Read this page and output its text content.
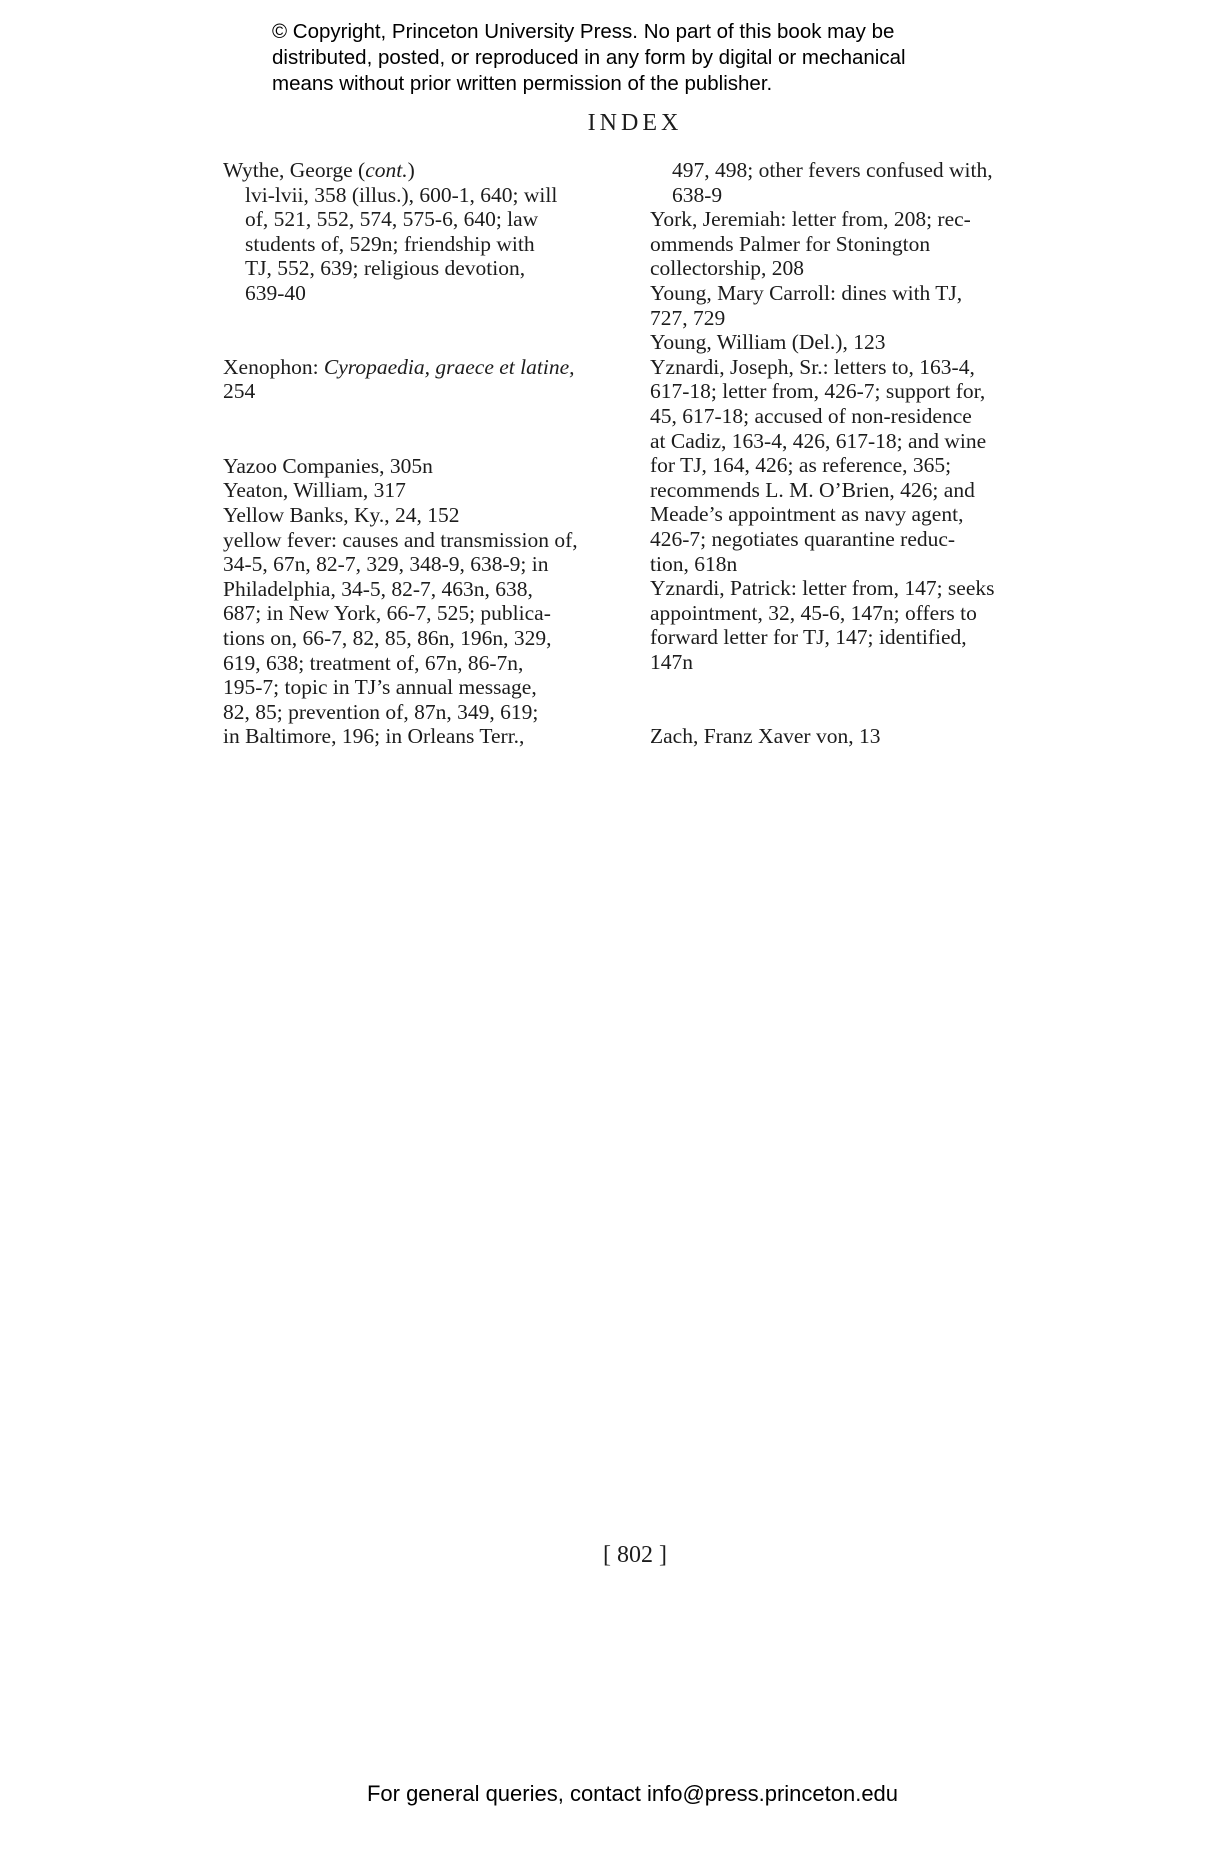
© Copyright, Princeton University Press. No part of this book may be
distributed, posted, or reproduced in any form by digital or mechanical
means without prior written permission of the publisher.
INDEX
Wythe, George (cont.)
lvi-lvii, 358 (illus.), 600-1, 640; will
of, 521, 552, 574, 575-6, 640; law
students of, 529n; friendship with
TJ, 552, 639; religious devotion,
639-40
Xenophon: Cyropaedia, graece et latine,
254
Yazoo Companies, 305n
Yeaton, William, 317
Yellow Banks, Ky., 24, 152
yellow fever: causes and transmission of,
34-5, 67n, 82-7, 329, 348-9, 638-9; in
Philadelphia, 34-5, 82-7, 463n, 638,
687; in New York, 66-7, 525; publica-
tions on, 66-7, 82, 85, 86n, 196n, 329,
619, 638; treatment of, 67n, 86-7n,
195-7; topic in TJ’s annual message,
82, 85; prevention of, 87n, 349, 619;
in Baltimore, 196; in Orleans Terr.,
497, 498; other fevers confused with,
638-9
York, Jeremiah: letter from, 208; rec-
ommends Palmer for Stonington
collectorship, 208
Young, Mary Carroll: dines with TJ,
727, 729
Young, William (Del.), 123
Yznardi, Joseph, Sr.: letters to, 163-4,
617-18; letter from, 426-7; support for,
45, 617-18; accused of non-residence
at Cadiz, 163-4, 426, 617-18; and wine
for TJ, 164, 426; as reference, 365;
recommends L. M. O’Brien, 426; and
Meade’s appointment as navy agent,
426-7; negotiates quarantine reduc-
tion, 618n
Yznardi, Patrick: letter from, 147; seeks
appointment, 32, 45-6, 147n; offers to
forward letter for TJ, 147; identified,
147n
Zach, Franz Xaver von, 13
[ 802 ]
For general queries, contact info@press.princeton.edu
